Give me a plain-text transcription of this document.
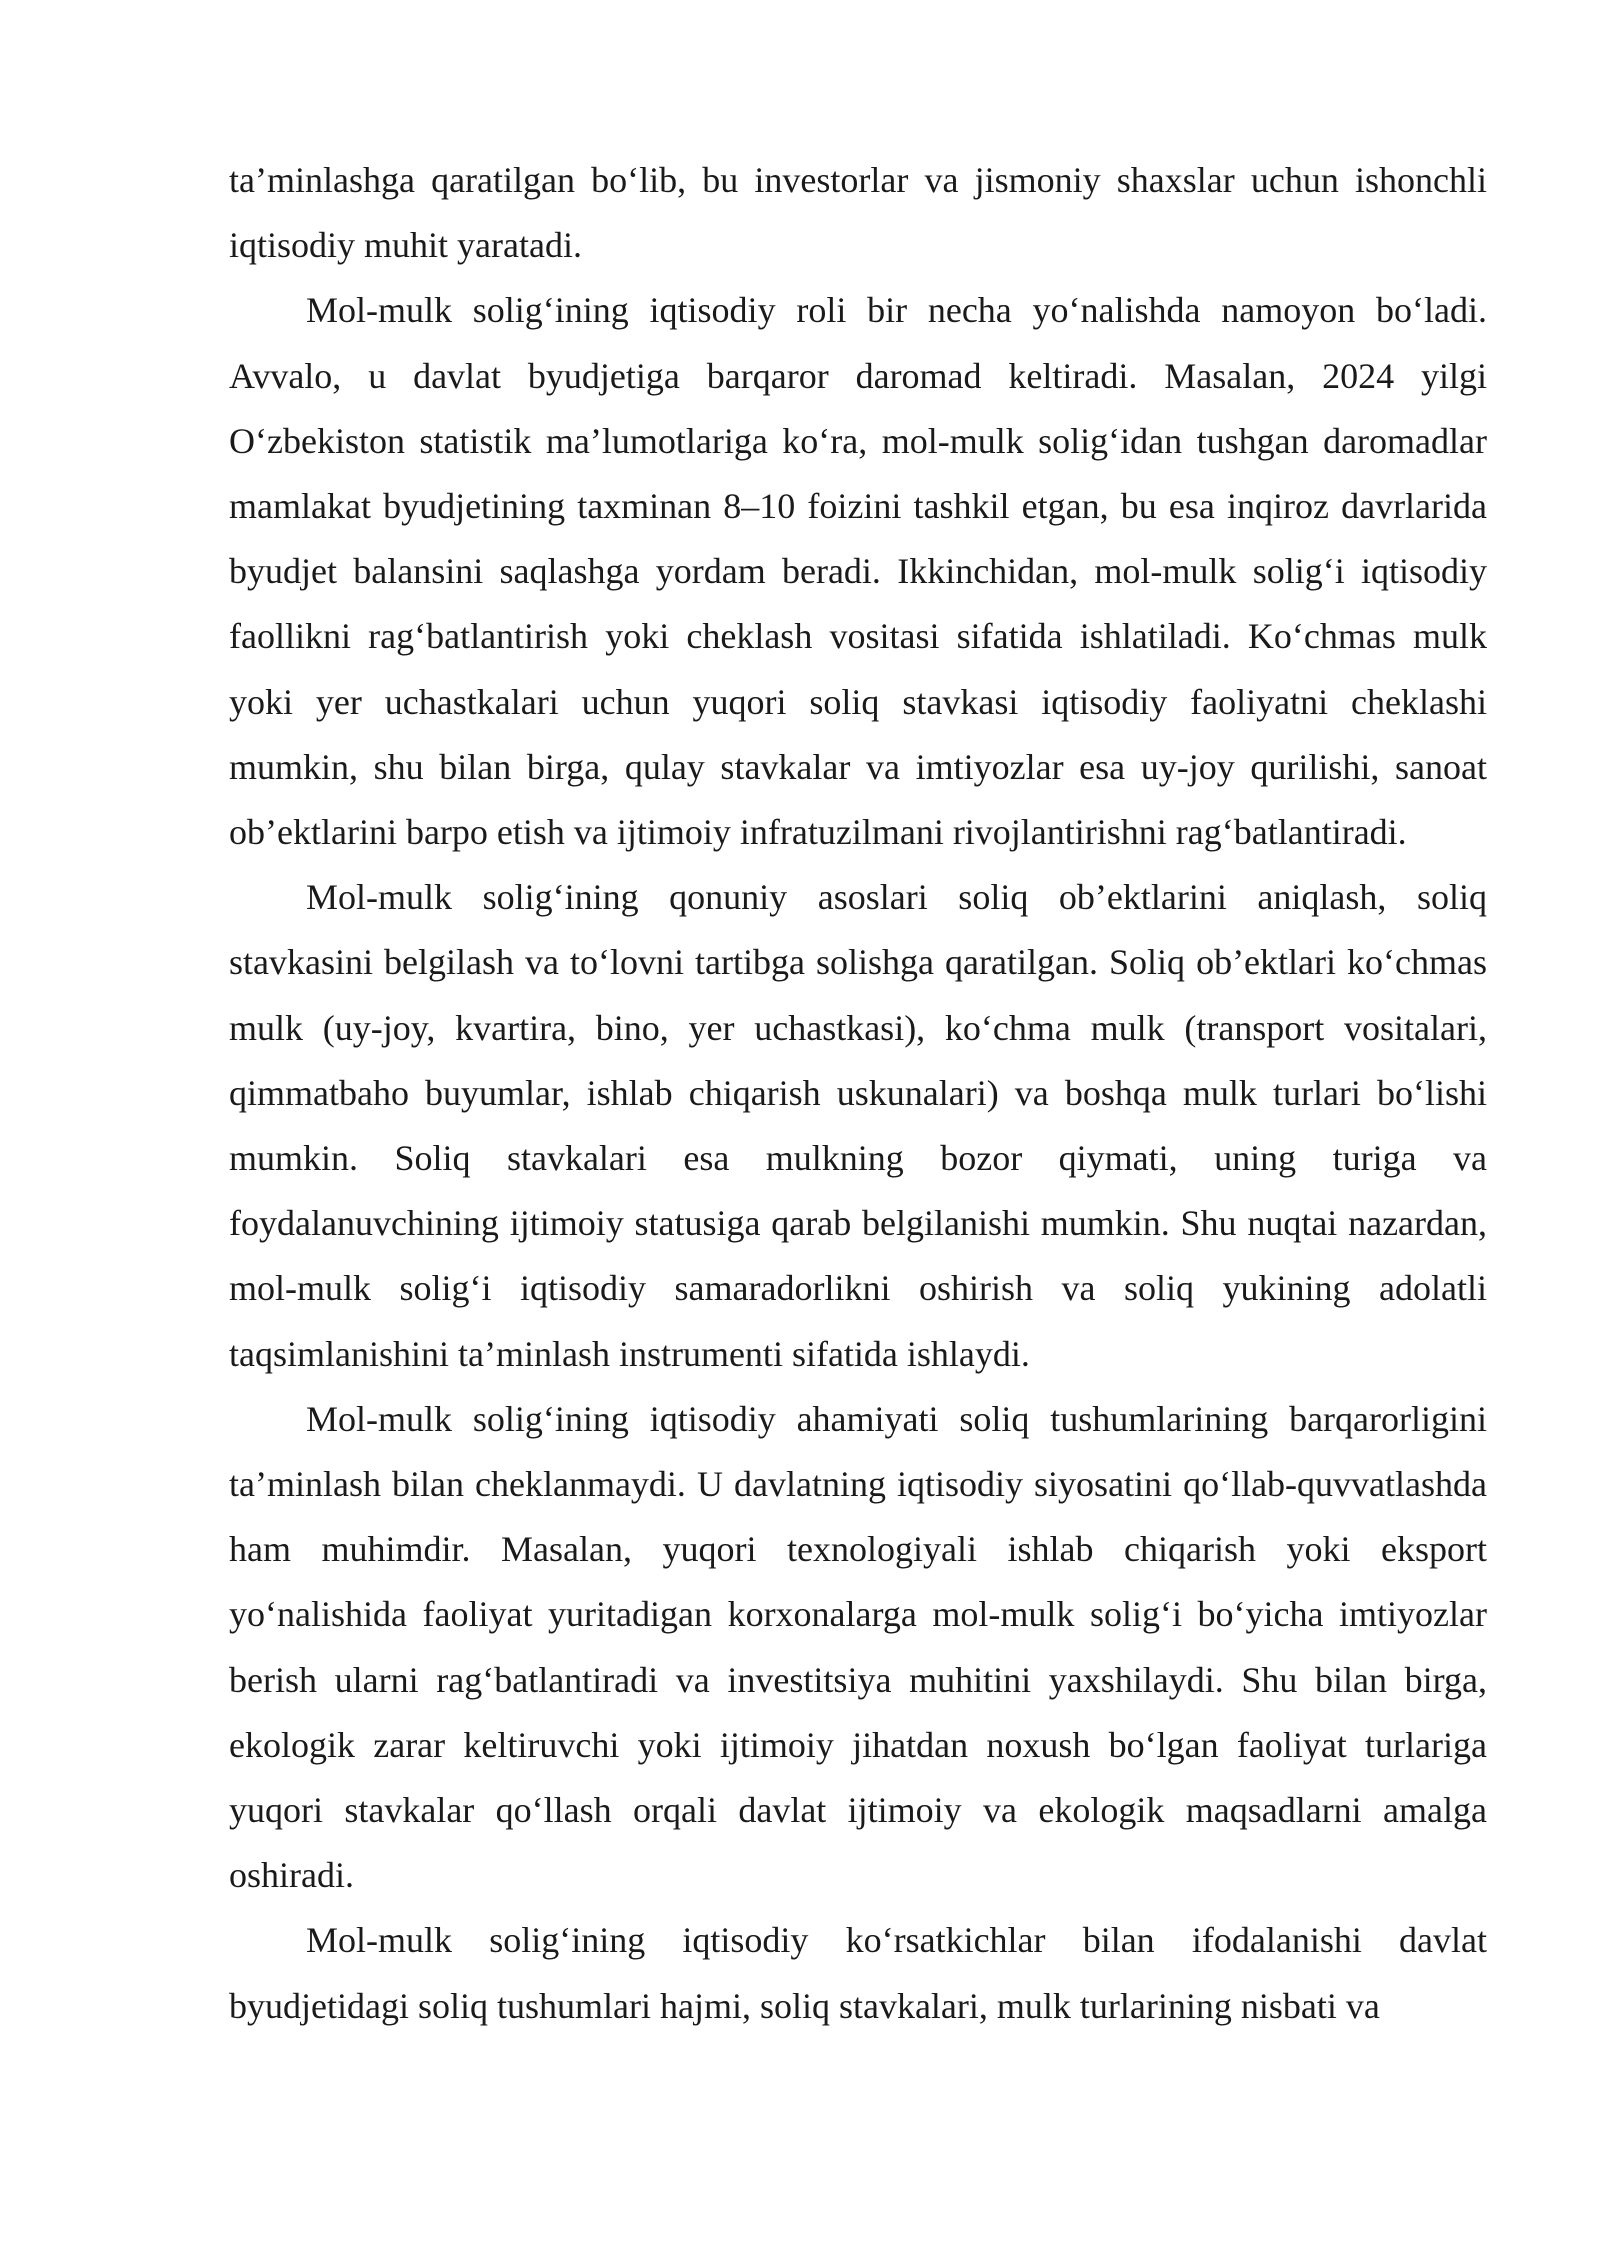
ta’minlashga qaratilgan bo‘lib, bu investorlar va jismoniy shaxslar uchun ishonchli iqtisodiy muhit yaratadi.

Mol-mulk solig‘ining iqtisodiy roli bir necha yo‘nalishda namoyon bo‘ladi. Avvalo, u davlat byudjetiga barqaror daromad keltiradi. Masalan, 2024 yilgi O‘zbekiston statistik ma’lumotlariga ko‘ra, mol-mulk solig‘idan tushgan daromadlar mamlakat byudjetining taxminan 8–10 foizini tashkil etgan, bu esa inqiroz davrlarida byudjet balansini saqlashga yordam beradi. Ikkinchidan, mol-mulk solig‘i iqtisodiy faollikni rag‘batlantirish yoki cheklash vositasi sifatida ishlatiladi. Ko‘chmas mulk yoki yer uchastkalari uchun yuqori soliq stavkasi iqtisodiy faoliyatni cheklashi mumkin, shu bilan birga, qulay stavkalar va imtiyozlar esa uy-joy qurilishi, sanoat ob’ektlarini barpo etish va ijtimoiy infratuzilmani rivojlantirishni rag‘batlantiradi.

Mol-mulk solig‘ining qonuniy asoslari soliq ob’ektlarini aniqlash, soliq stavkasini belgilash va to‘lovni tartibga solishga qaratilgan. Soliq ob’ektlari ko‘chmas mulk (uy-joy, kvartira, bino, yer uchastkasi), ko‘chma mulk (transport vositalari, qimmatbaho buyumlar, ishlab chiqarish uskunalari) va boshqa mulk turlari bo‘lishi mumkin. Soliq stavkalari esa mulkning bozor qiymati, uning turiga va foydalanuvchining ijtimoiy statusiga qarab belgilanishi mumkin. Shu nuqtai nazardan, mol-mulk solig‘i iqtisodiy samaradorlikni oshirish va soliq yukining adolatli taqsimlanishini ta’minlash instrumenti sifatida ishlaydi.

Mol-mulk solig‘ining iqtisodiy ahamiyati soliq tushumlarining barqarorligini ta’minlash bilan cheklanmaydi. U davlatning iqtisodiy siyosatini qo‘llab-quvvatlashda ham muhimdir. Masalan, yuqori texnologiyali ishlab chiqarish yoki eksport yo‘nalishida faoliyat yuritadigan korxonalarga mol-mulk solig‘i bo‘yicha imtiyozlar berish ularni rag‘batlantiradi va investitsiya muhitini yaxshilaydi. Shu bilan birga, ekologik zarar keltiruvchi yoki ijtimoiy jihatdan noxush bo‘lgan faoliyat turlariga yuqori stavkalar qo‘llash orqali davlat ijtimoiy va ekologik maqsadlarni amalga oshiradi.

Mol-mulk solig‘ining iqtisodiy ko‘rsatkichlar bilan ifodalanishi davlat byudjetidagi soliq tushumlari hajmi, soliq stavkalari, mulk turlarining nisbati va
